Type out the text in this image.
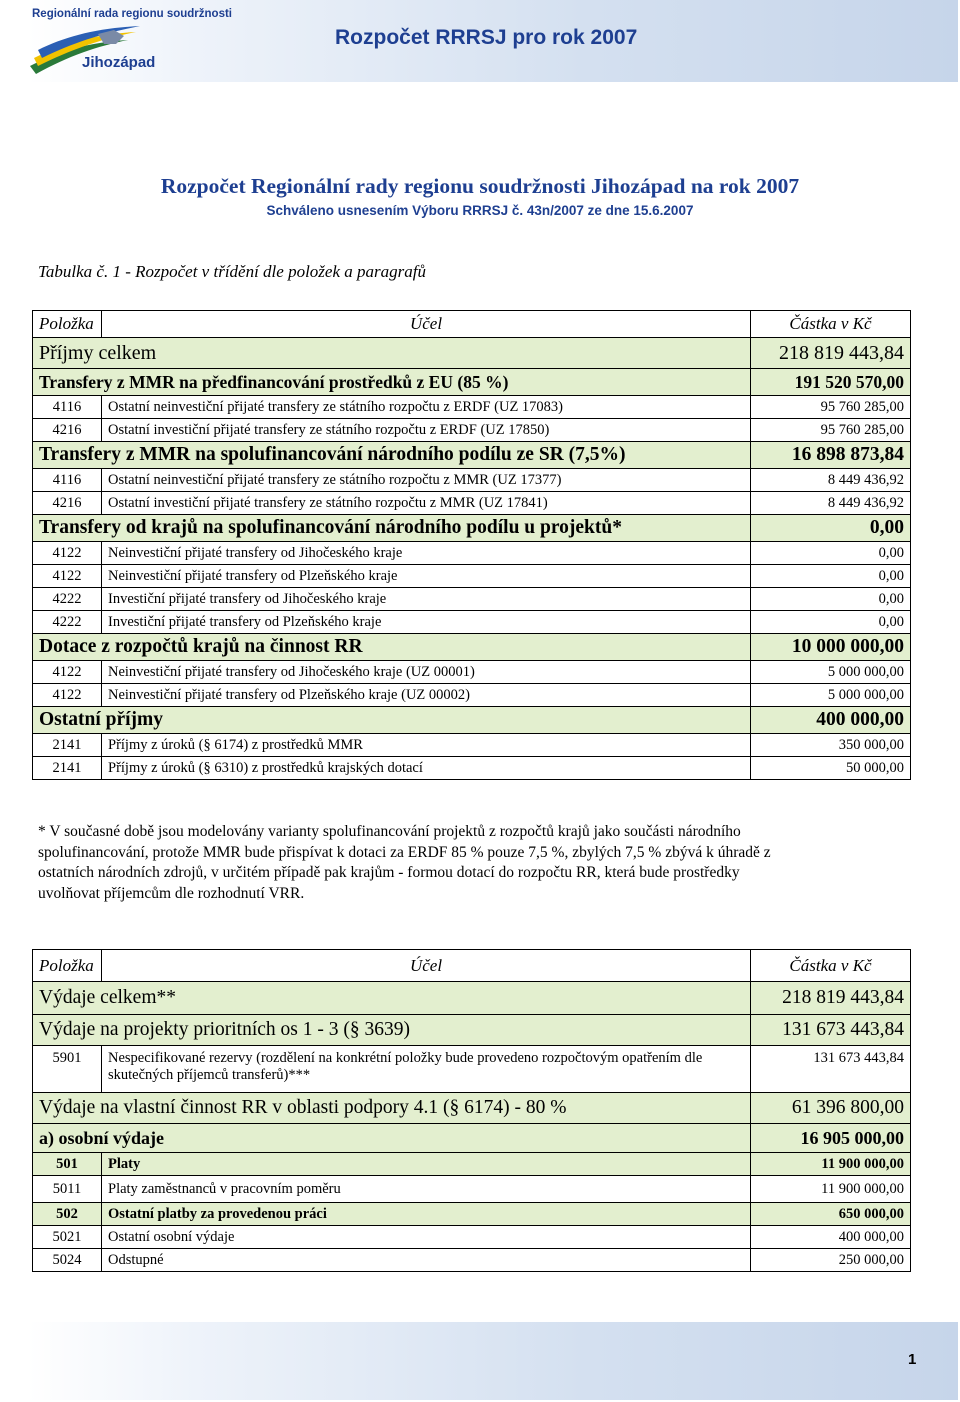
Regionální rada regionu soudržnosti
Jihozápad
Rozpočet RRRSJ pro rok 2007
Rozpočet Regionální rady regionu soudržnosti Jihozápad na rok 2007
Schváleno usnesením Výboru RRRSJ č. 43n/2007 ze dne 15.6.2007
Tabulka č. 1 - Rozpočet v třídění dle položek a paragrafů
Položka	Účel	Částka v Kč
Příjmy celkem		218 819 443,84
Transfery z MMR na předfinancování prostředků z EU (85 %)		191 520 570,00
4116	Ostatní neinvestiční přijaté transfery ze státního rozpočtu z ERDF (UZ 17083)	95 760 285,00
4216	Ostatní investiční přijaté transfery ze státního rozpočtu z ERDF (UZ 17850)	95 760 285,00
Transfery z MMR na spolufinancování národního podílu ze SR (7,5%)		16 898 873,84
4116	Ostatní neinvestiční přijaté transfery ze státního rozpočtu z MMR (UZ 17377)	8 449 436,92
4216	Ostatní investiční přijaté transfery ze státního rozpočtu z MMR (UZ 17841)	8 449 436,92
Transfery od krajů na spolufinancování národního podílu u projektů*		0,00
4122	Neinvestiční přijaté transfery od Jihočeského kraje	0,00
4122	Neinvestiční přijaté transfery od Plzeňského kraje	0,00
4222	Investiční přijaté transfery od Jihočeského kraje	0,00
4222	Investiční přijaté transfery od Plzeňského kraje	0,00
Dotace z rozpočtů krajů na činnost RR		10 000 000,00
4122	Neinvestiční přijaté transfery od Jihočeského kraje (UZ 00001)	5 000 000,00
4122	Neinvestiční přijaté transfery od Plzeňského kraje (UZ 00002)	5 000 000,00
Ostatní příjmy		400 000,00
2141	Příjmy z úroků (§ 6174) z prostředků MMR	350 000,00
2141	Příjmy z úroků (§ 6310) z prostředků krajských dotací	50 000,00
* V současné době jsou modelovány varianty spolufinancování projektů z rozpočtů krajů jako součásti národního
spolufinancování, protože MMR bude přispívat k dotaci za ERDF 85 % pouze 7,5 %, zbylých 7,5 % zbývá k úhradě z
ostatních národních zdrojů, v určitém případě pak krajům - formou dotací do rozpočtu RR, která bude prostředky
uvolňovat příjemcům dle rozhodnutí VRR.
Položka	Účel	Částka v Kč
Výdaje celkem**		218 819 443,84
Výdaje na projekty prioritních os 1 - 3 (§ 3639)		131 673 443,84
5901	Nespecifikované rezervy (rozdělení na konkrétní položky bude provedeno rozpočtovým opatřením dle skutečných příjemců transferů)***	131 673 443,84
Výdaje na vlastní činnost RR v oblasti podpory 4.1 (§ 6174) - 80 %		61 396 800,00
a) osobní výdaje		16 905 000,00
501	Platy	11 900 000,00
5011	Platy zaměstnanců v pracovním poměru	11 900 000,00
502	Ostatní platby za provedenou práci	650 000,00
5021	Ostatní osobní výdaje	400 000,00
5024	Odstupné	250 000,00
1
